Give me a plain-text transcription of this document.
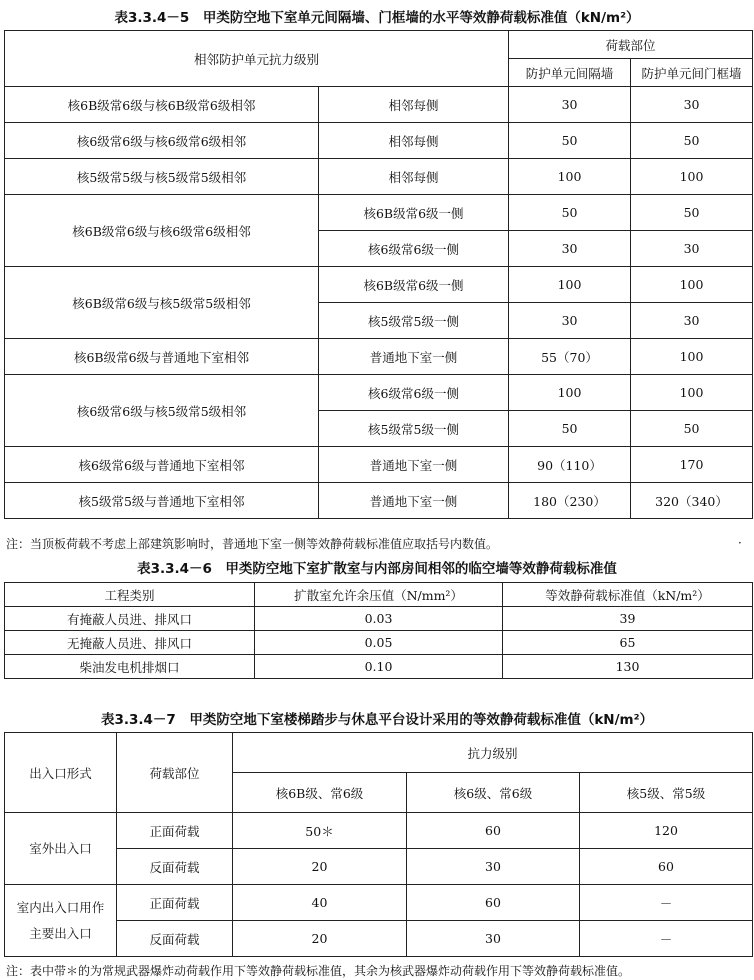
表3.3.4－5　甲类防空地下室单元间隔墙、门框墙的水平等效静荷载标准值（kN/m²）
相邻防护单元抗力级别		荷载部位	
		防护单元间隔墙	防护单元间门框墙
核6B级常6级与核6B级常6级相邻	相邻每侧	30	30
核6级常6级与核6级常6级相邻	相邻每侧	50	50
核5级常5级与核5级常5级相邻	相邻每侧	100	100
核6B级常6级与核6级常6级相邻	核6B级常6级一侧	50	50
	核6级常6级一侧	30	30
核6B级常6级与核5级常5级相邻	核6B级常6级一侧	100	100
	核5级常5级一侧	30	30
核6B级常6级与普通地下室相邻	普通地下室一侧	55（70）	100
核6级常6级与核5级常5级相邻	核6级常6级一侧	100	100
	核5级常5级一侧	50	50
核6级常6级与普通地下室相邻	普通地下室一侧	90（110）	170
核5级常5级与普通地下室相邻	普通地下室一侧	180（230）	320（340）
注：当顶板荷载不考虑上部建筑影响时，普通地下室一侧等效静荷载标准值应取括号内数值。	·
表3.3.4－6　甲类防空地下室扩散室与内部房间相邻的临空墙等效静荷载标准值
工程类别	扩散室允许余压值（N/mm²）	等效静荷载标准值（kN/m²）
有掩蔽人员进、排风口	0.03	39
无掩蔽人员进、排风口	0.05	65
柴油发电机排烟口	0.10	130
表3.3.4－7　甲类防空地下室楼梯踏步与休息平台设计采用的等效静荷载标准值（kN/m²）
出入口形式	荷载部位	抗力级别		
		核6B级、常6级	核6级、常6级	核5级、常5级

室外出入口	正面荷载	50＊	60	120
	反面荷载	20	30	60

室内出入口用作
主要出入口	正面荷载	40	60	－
	反面荷载	20	30	－
注：表中带＊的为常规武器爆炸动荷载作用下等效静荷载标准值，其余为核武器爆炸动荷载作用下等效静荷载标准值。
